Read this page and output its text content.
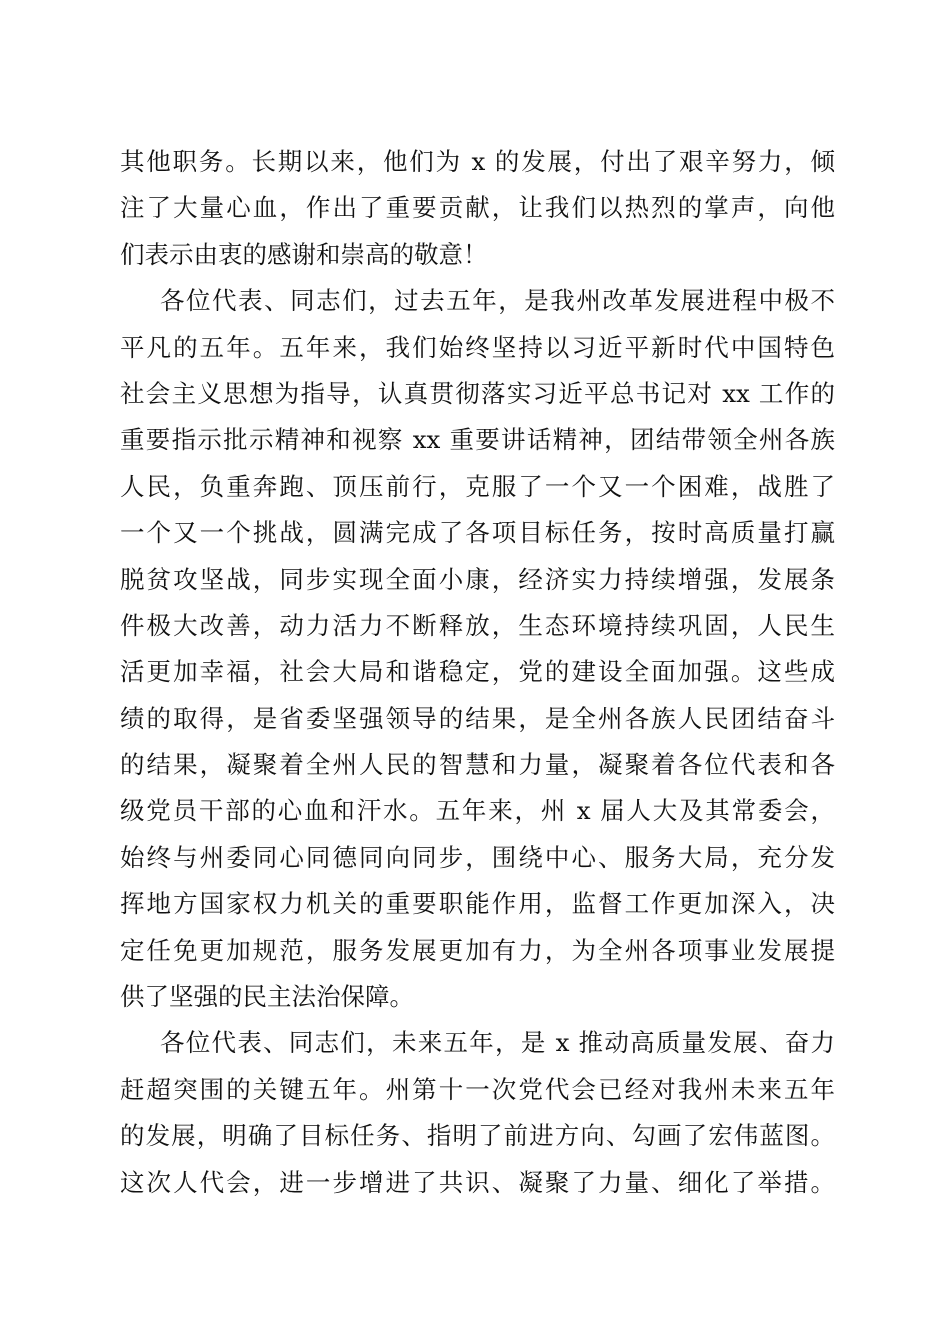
其他职务。长期以来，他们为 x 的发展，付出了艰辛努力，倾
注了大量心血，作出了重要贡献，让我们以热烈的掌声，向他
们表示由衷的感谢和崇高的敬意！
各位代表、同志们，过去五年，是我州改革发展进程中极不
平凡的五年。五年来，我们始终坚持以习近平新时代中国特色
社会主义思想为指导，认真贯彻落实习近平总书记对 xx 工作的
重要指示批示精神和视察 xx 重要讲话精神，团结带领全州各族
人民，负重奔跑、顶压前行，克服了一个又一个困难，战胜了
一个又一个挑战，圆满完成了各项目标任务，按时高质量打赢
脱贫攻坚战，同步实现全面小康，经济实力持续增强，发展条
件极大改善，动力活力不断释放，生态环境持续巩固，人民生
活更加幸福，社会大局和谐稳定，党的建设全面加强。这些成
绩的取得，是省委坚强领导的结果，是全州各族人民团结奋斗
的结果，凝聚着全州人民的智慧和力量，凝聚着各位代表和各
级党员干部的心血和汗水。五年来，州 x 届人大及其常委会，
始终与州委同心同德同向同步，围绕中心、服务大局，充分发
挥地方国家权力机关的重要职能作用，监督工作更加深入，决
定任免更加规范，服务发展更加有力，为全州各项事业发展提
供了坚强的民主法治保障。
各位代表、同志们，未来五年，是 x 推动高质量发展、奋力
赶超突围的关键五年。州第十一次党代会已经对我州未来五年
的发展，明确了目标任务、指明了前进方向、勾画了宏伟蓝图。
这次人代会，进一步增进了共识、凝聚了力量、细化了举措。
